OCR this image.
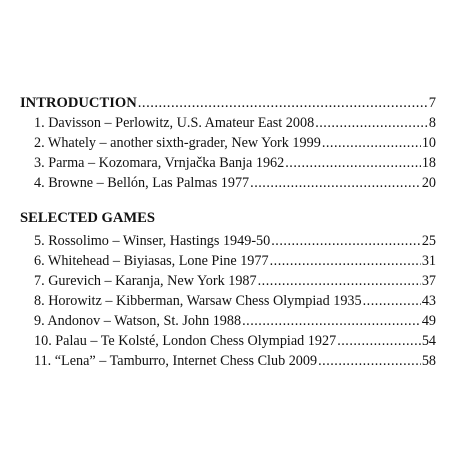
INTRODUCTION .....	7
1. Davisson – Perlowitz, U.S. Amateur East 2008 .....	8
2. Whately – another sixth-grader, New York 1999 .....	10
3. Parma – Kozomara, Vrnjačka Banja 1962 .....	18
4. Browne – Bellón, Las Palmas 1977 .....	20
SELECTED GAMES
5. Rossolimo – Winser, Hastings 1949-50 .....	25
6. Whitehead – Biyiasas, Lone Pine 1977 .....	31
7. Gurevich – Karanja, New York 1987 .....	37
8. Horowitz – Kibberman, Warsaw Chess Olympiad 1935 .....	43
9. Andonov – Watson, St. John 1988 .....	49
10. Palau – Te Kolsté, London Chess Olympiad 1927 .....	54
11. “Lena” – Tamburro, Internet Chess Club 2009 .....	58
